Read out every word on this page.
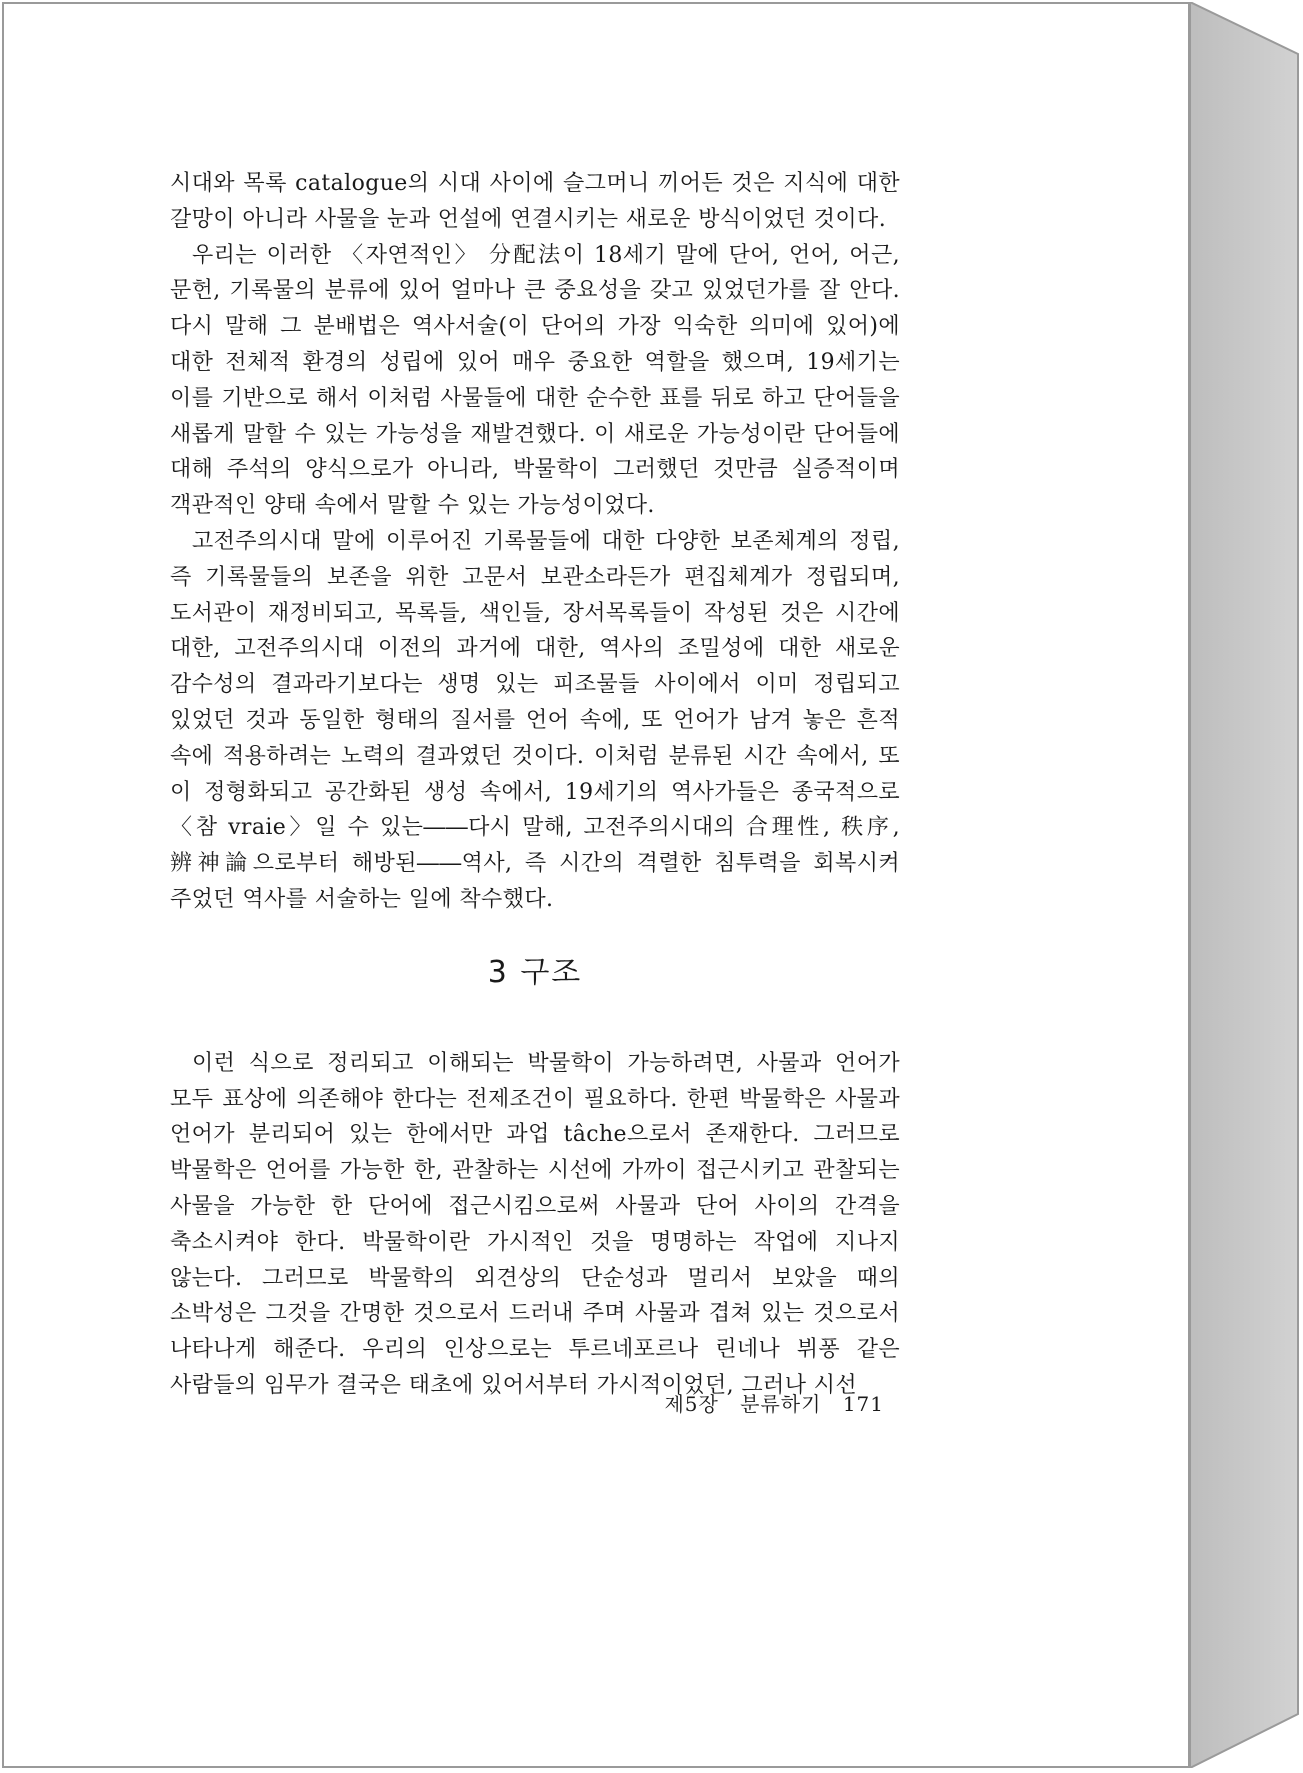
시대와 목록 catalogue의 시대 사이에 슬그머니 끼어든 것은 지식에 대한 갈망이 아니라 사물을 눈과 언설에 연결시키는 새로운 방식이었던 것이다.

우리는 이러한 〈자연적인〉 分配法이 18세기 말에 단어, 언어, 어근, 문헌, 기록물의 분류에 있어 얼마나 큰 중요성을 갖고 있었던가를 잘 안다. 다시 말해 그 분배법은 역사서술(이 단어의 가장 익숙한 의미에 있어)에 대한 전체적 환경의 성립에 있어 매우 중요한 역할을 했으며, 19세기는 이를 기반으로 해서 이처럼 사물들에 대한 순수한 표를 뒤로 하고 단어들을 새롭게 말할 수 있는 가능성을 재발견했다. 이 새로운 가능성이란 단어들에 대해 주석의 양식으로가 아니라, 박물학이 그러했던 것만큼 실증적이며 객관적인 양태 속에서 말할 수 있는 가능성이었다.

고전주의시대 말에 이루어진 기록물들에 대한 다양한 보존체계의 정립, 즉 기록물들의 보존을 위한 고문서 보관소라든가 편집체계가 정립되며, 도서관이 재정비되고, 목록들, 색인들, 장서목록들이 작성된 것은 시간에 대한, 고전주의시대 이전의 과거에 대한, 역사의 조밀성에 대한 새로운 감수성의 결과라기보다는 생명 있는 피조물들 사이에서 이미 정립되고 있었던 것과 동일한 형태의 질서를 언어 속에, 또 언어가 남겨 놓은 흔적 속에 적용하려는 노력의 결과였던 것이다. 이처럼 분류된 시간 속에서, 또 이 정형화되고 공간화된 생성 속에서, 19세기의 역사가들은 종국적으로 〈참 vraie〉일 수 있는――다시 말해, 고전주의시대의 合理性, 秩序, 辨神論으로부터 해방된――역사, 즉 시간의 격렬한 침투력을 회복시켜 주었던 역사를 서술하는 일에 착수했다.

3 구조

이런 식으로 정리되고 이해되는 박물학이 가능하려면, 사물과 언어가 모두 표상에 의존해야 한다는 전제조건이 필요하다. 한편 박물학은 사물과 언어가 분리되어 있는 한에서만 과업 tâche으로서 존재한다. 그러므로 박물학은 언어를 가능한 한, 관찰하는 시선에 가까이 접근시키고 관찰되는 사물을 가능한 한 단어에 접근시킴으로써 사물과 단어 사이의 간격을 축소시켜야 한다. 박물학이란 가시적인 것을 명명하는 작업에 지나지 않는다. 그러므로 박물학의 외견상의 단순성과 멀리서 보았을 때의 소박성은 그것을 간명한 것으로서 드러내 주며 사물과 겹쳐 있는 것으로서 나타나게 해준다. 우리의 인상으로는 투르네포르나 린네나 뷔퐁 같은 사람들의 임무가 결국은 태초에 있어서부터 가시적이었던, 그러나 시선

제5장 분류하기 171
